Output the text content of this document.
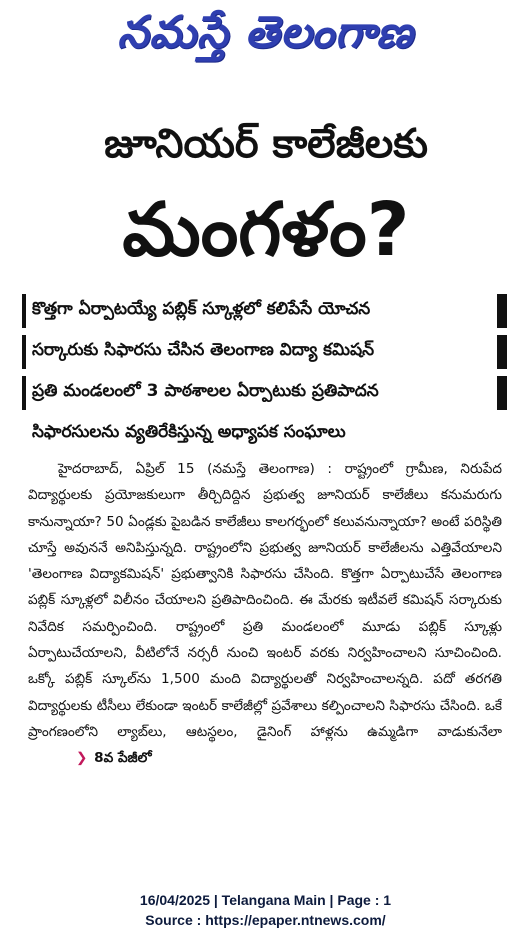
నమస్తే తెలంగాణ
జూనియర్ కాలేజీలకు
మంగళం?
కొత్తగా ఏర్పాటయ్యే పబ్లిక్ స్కూళ్లలో కలిపేసే యోచన
సర్కారుకు సిఫారసు చేసిన తెలంగాణ విద్యా కమిషన్
ప్రతి మండలంలో 3 పాఠశాలల ఏర్పాటుకు ప్రతిపాదన
సిఫారసులను వ్యతిరేకిస్తున్న అధ్యాపక సంఘాలు

హైదరాబాద్, ఏప్రిల్ 15 (నమస్తే తెలంగాణ) : రాష్ట్రంలో గ్రామీణ, నిరుపేద విద్యార్థులకు ప్రయోజకులుగా తీర్చిదిద్దిన ప్రభుత్వ జూనియర్ కాలేజీలు కనుమరుగు కానున్నాయా? 50 ఏండ్లకు పైబడిన కాలేజీలు కాలగర్భంలో కలువనున్నాయా? అంటే పరిస్థితి చూస్తే అవుననే అనిపిస్తున్నది. రాష్ట్రంలోని ప్రభుత్వ జూనియర్ కాలేజీలను ఎత్తివేయాలని 'తెలంగాణ విద్యాకమిషన్' ప్రభుత్వానికి సిఫారసు చేసింది. కొత్తగా ఏర్పాటుచేసే తెలంగాణ పబ్లిక్ స్కూళ్లలో విలీనం చేయాలని ప్రతిపాదించింది. ఈ మేరకు ఇటీవలే కమిషన్ సర్కారుకు నివేదిక సమర్పించింది. రాష్ట్రంలో ప్రతి మండలంలో మూడు పబ్లిక్ స్కూళ్లు ఏర్పాటుచేయాలని, వీటిలోనే నర్సరీ నుంచి ఇంటర్ వరకు నిర్వహించాలని సూచించింది. ఒక్కో పబ్లిక్ స్కూల్‌ను 1,500 మంది విద్యార్థులతో నిర్వహించాలన్నది. పదో తరగతి విద్యార్థులకు టీసీలు లేకుండా ఇంటర్ కాలేజీల్లో ప్రవేశాలు కల్పించాలని సిఫారసు చేసింది. ఒకే ప్రాంగణంలోని ల్యాబ్‌లు, ఆటస్థలం, డైనింగ్ హాళ్లను ఉమ్మడిగా వాడుకునేలా ❯ 8వ పేజీలో

16/04/2025 | Telangana Main | Page : 1
Source : https://epaper.ntnews.com/
